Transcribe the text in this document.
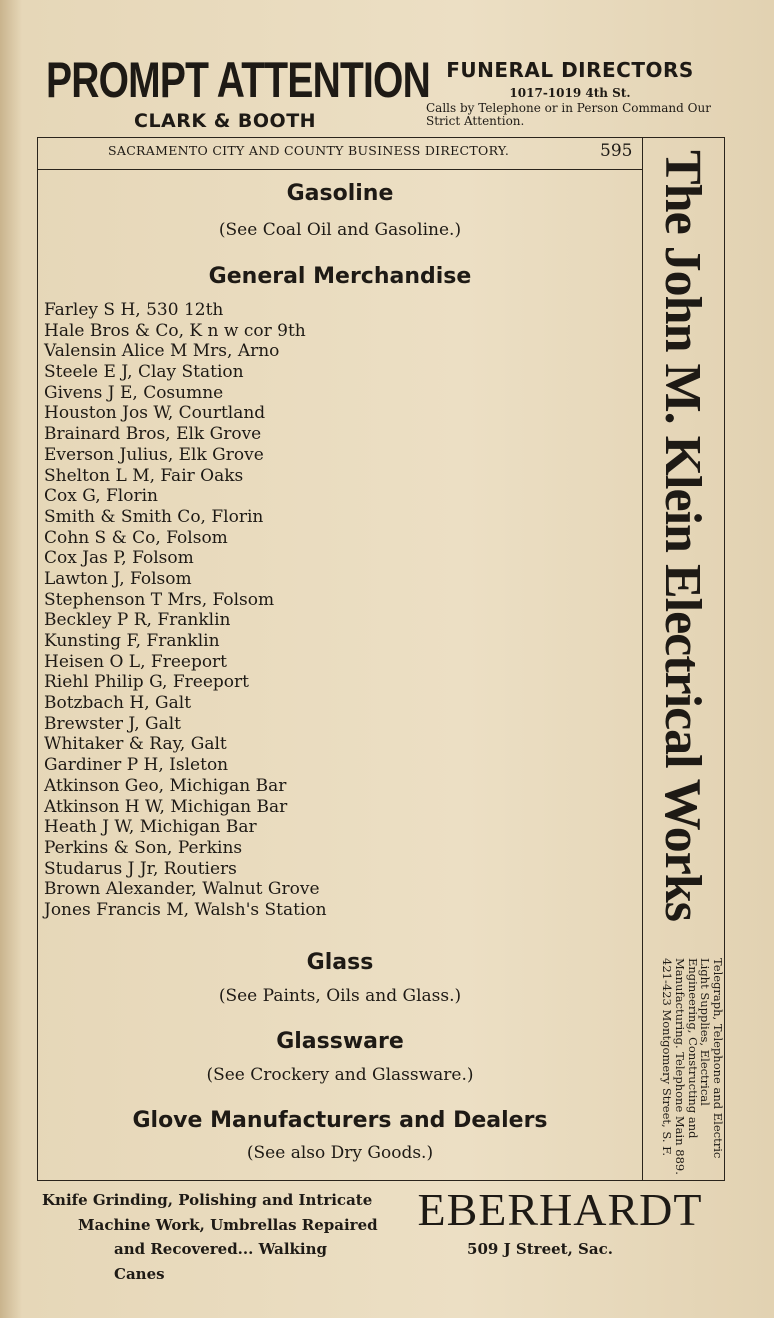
PROMPT ATTENTION
CLARK & BOOTH
FUNERAL DIRECTORS
1017-1019 4th St.
Calls by Telephone or in Person Command Our Strict Attention.
SACRAMENTO CITY AND COUNTY BUSINESS DIRECTORY.	595
Gasoline
(See Coal Oil and Gasoline.)
General Merchandise
Farley S H, 530 12th
Hale Bros & Co, K n w cor 9th
Valensin Alice M Mrs, Arno
Steele E J, Clay Station
Givens J E, Cosumne
Houston Jos W, Courtland
Brainard Bros, Elk Grove
Everson Julius, Elk Grove
Shelton L M, Fair Oaks
Cox G, Florin
Smith & Smith Co, Florin
Cohn S & Co, Folsom
Cox Jas P, Folsom
Lawton J, Folsom
Stephenson T Mrs, Folsom
Beckley P R, Franklin
Kunsting F, Franklin
Heisen O L, Freeport
Riehl Philip G, Freeport
Botzbach H, Galt
Brewster J, Galt
Whitaker & Ray, Galt
Gardiner P H, Isleton
Atkinson Geo, Michigan Bar
Atkinson H W, Michigan Bar
Heath J W, Michigan Bar
Perkins & Son, Perkins
Studarus J Jr, Routiers
Brown Alexander, Walnut Grove
Jones Francis M, Walsh's Station
Glass
(See Paints, Oils and Glass.)
Glassware
(See Crockery and Glassware.)
Glove Manufacturers and Dealers
(See also Dry Goods.)
The John M. Klein Electrical Works
Telegraph, Telephone and Electric Light Supplies, Electrical Engineering, Constructing and Manufacturing. Telephone Main 889. 421-423 Montgomery Street, S. F.
Knife Grinding, Polishing and Intricate
Machine Work, Umbrellas Repaired
and Recovered... Walking Canes
EBERHARDT
509 J Street, Sac.
